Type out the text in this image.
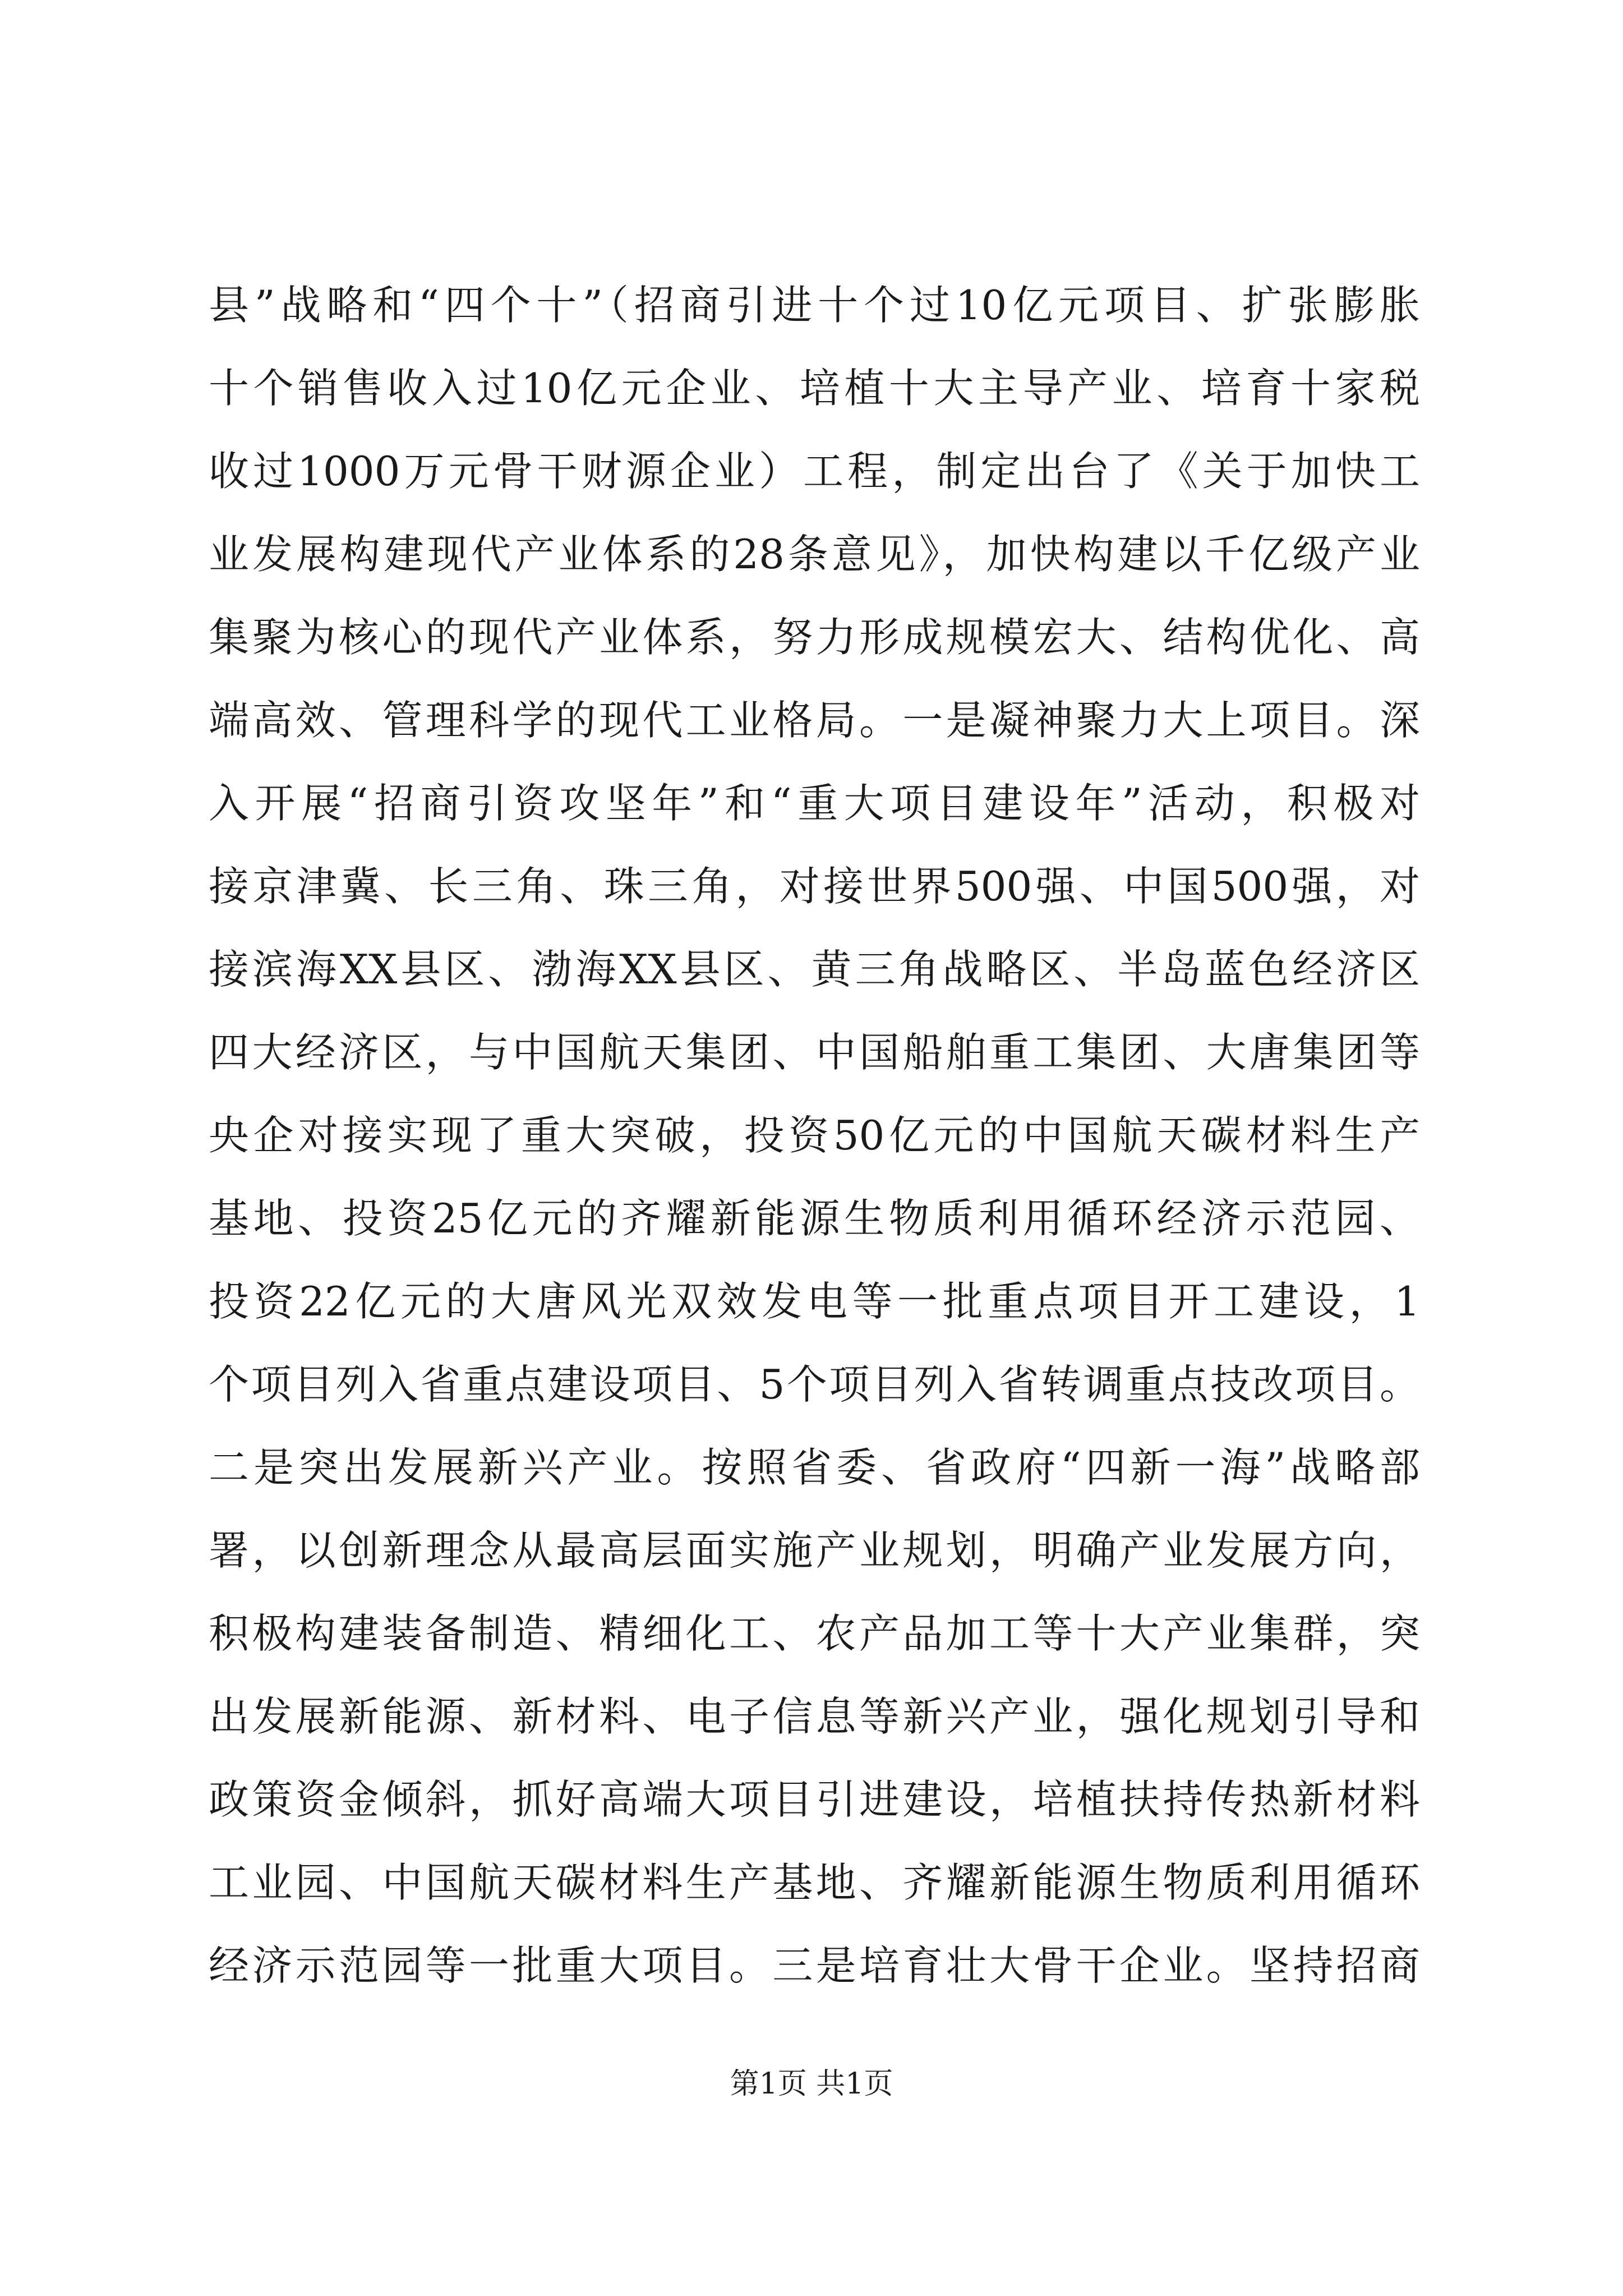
县”战略和“四个十”（招商引进十个过10亿元项目、扩张膨胀
十个销售收入过10亿元企业、培植十大主导产业、培育十家税
收过1000万元骨干财源企业）工程，制定出台了《关于加快工
业发展构建现代产业体系的28条意见》，加快构建以千亿级产业
集聚为核心的现代产业体系，努力形成规模宏大、结构优化、高
端高效、管理科学的现代工业格局。一是凝神聚力大上项目。深
入开展“招商引资攻坚年”和“重大项目建设年”活动，积极对
接京津冀、长三角、珠三角，对接世界500强、中国500强，对
接滨海XX县区、渤海XX县区、黄三角战略区、半岛蓝色经济区
四大经济区，与中国航天集团、中国船舶重工集团、大唐集团等
央企对接实现了重大突破，投资50亿元的中国航天碳材料生产
基地、投资25亿元的齐耀新能源生物质利用循环经济示范园、
投资22亿元的大唐风光双效发电等一批重点项目开工建设，1
个项目列入省重点建设项目、5个项目列入省转调重点技改项目。
二是突出发展新兴产业。按照省委、省政府“四新一海”战略部
署，以创新理念从最高层面实施产业规划，明确产业发展方向，
积极构建装备制造、精细化工、农产品加工等十大产业集群，突
出发展新能源、新材料、电子信息等新兴产业，强化规划引导和
政策资金倾斜，抓好高端大项目引进建设，培植扶持传热新材料
工业园、中国航天碳材料生产基地、齐耀新能源生物质利用循环
经济示范园等一批重大项目。三是培育壮大骨干企业。坚持招商
第1页 共1页
